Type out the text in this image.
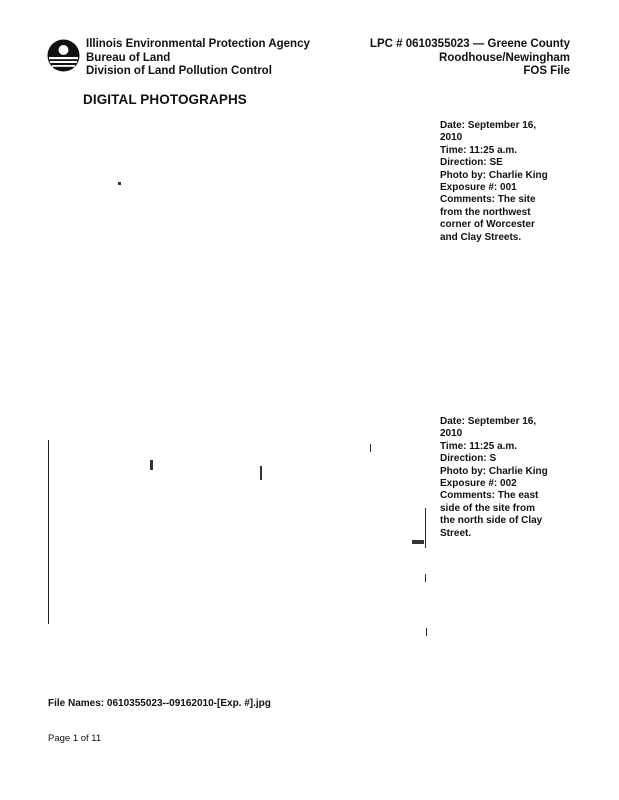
Illinois Environmental Protection Agency
Bureau of Land
Division of Land Pollution Control
LPC # 0610355023 — Greene County
Roodhouse/Newingham
FOS File
DIGITAL PHOTOGRAPHS
Date: September 16,
2010
Time: 11:25 a.m.
Direction: SE
Photo by: Charlie King
Exposure #: 001
Comments: The site
from the northwest
corner of Worcester
and Clay Streets.
Date: September 16,
2010
Time: 11:25 a.m.
Direction: S
Photo by: Charlie King
Exposure #: 002
Comments: The east
side of the site from
the north side of Clay
Street.
File Names: 0610355023--09162010-[Exp. #].jpg
Page 1 of 11
